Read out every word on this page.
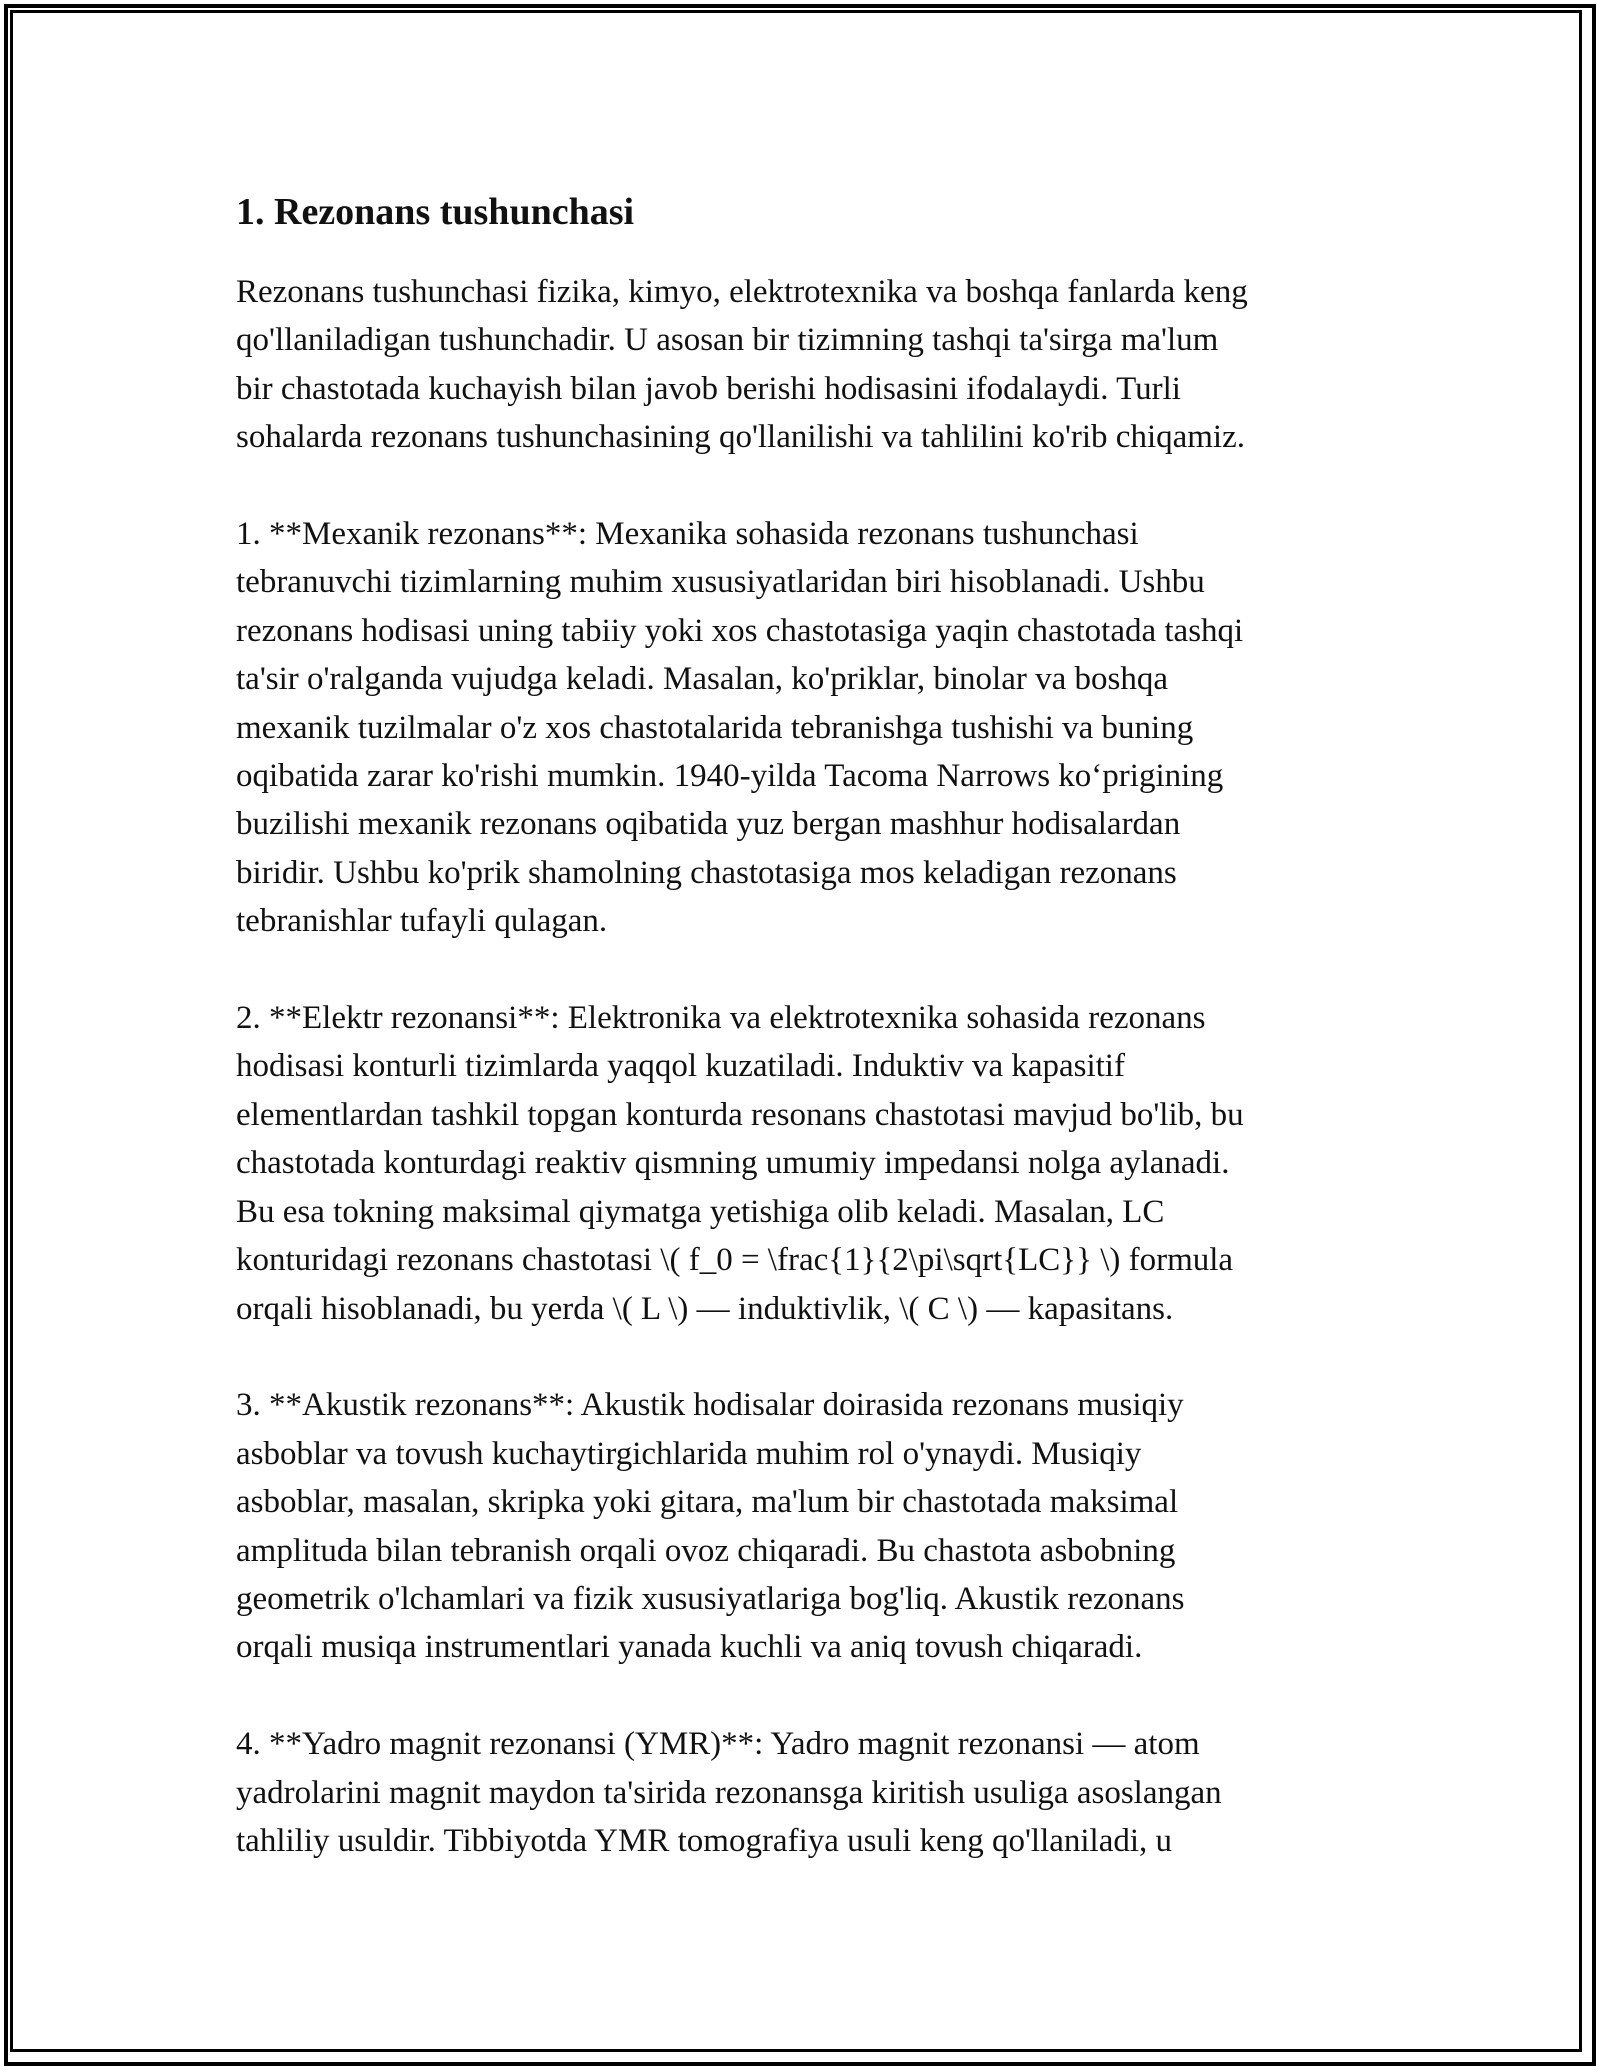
1. Rezonans tushunchasi
Rezonans tushunchasi fizika, kimyo, elektrotexnika va boshqa fanlarda keng
qo'llaniladigan tushunchadir. U asosan bir tizimning tashqi ta'sirga ma'lum
bir chastotada kuchayish bilan javob berishi hodisasini ifodalaydi. Turli
sohalarda rezonans tushunchasining qo'llanilishi va tahlilini ko'rib chiqamiz.
1. **Mexanik rezonans**: Mexanika sohasida rezonans tushunchasi
tebranuvchi tizimlarning muhim xususiyatlaridan biri hisoblanadi. Ushbu
rezonans hodisasi uning tabiiy yoki xos chastotasiga yaqin chastotada tashqi
ta'sir o'ralganda vujudga keladi. Masalan, ko'priklar, binolar va boshqa
mexanik tuzilmalar o'z xos chastotalarida tebranishga tushishi va buning
oqibatida zarar ko'rishi mumkin. 1940-yilda Tacoma Narrows ko‘prigining
buzilishi mexanik rezonans oqibatida yuz bergan mashhur hodisalardan
biridir. Ushbu ko'prik shamolning chastotasiga mos keladigan rezonans
tebranishlar tufayli qulagan.
2. **Elektr rezonansi**: Elektronika va elektrotexnika sohasida rezonans
hodisasi konturli tizimlarda yaqqol kuzatiladi. Induktiv va kapasitif
elementlardan tashkil topgan konturda resonans chastotasi mavjud bo'lib, bu
chastotada konturdagi reaktiv qismning umumiy impedansi nolga aylanadi.
Bu esa tokning maksimal qiymatga yetishiga olib keladi. Masalan, LC
konturidagi rezonans chastotasi \( f_0 = \frac{1}{2\pi\sqrt{LC}} \) formula
orqali hisoblanadi, bu yerda \( L \) — induktivlik, \( C \) — kapasitans.
3. **Akustik rezonans**: Akustik hodisalar doirasida rezonans musiqiy
asboblar va tovush kuchaytirgichlarida muhim rol o'ynaydi. Musiqiy
asboblar, masalan, skripka yoki gitara, ma'lum bir chastotada maksimal
amplituda bilan tebranish orqali ovoz chiqaradi. Bu chastota asbobning
geometrik o'lchamlari va fizik xususiyatlariga bog'liq. Akustik rezonans
orqali musiqa instrumentlari yanada kuchli va aniq tovush chiqaradi.
4. **Yadro magnit rezonansi (YMR)**: Yadro magnit rezonansi — atom
yadrolarini magnit maydon ta'sirida rezonansga kiritish usuliga asoslangan
tahliliy usuldir. Tibbiyotda YMR tomografiya usuli keng qo'llaniladi, u
